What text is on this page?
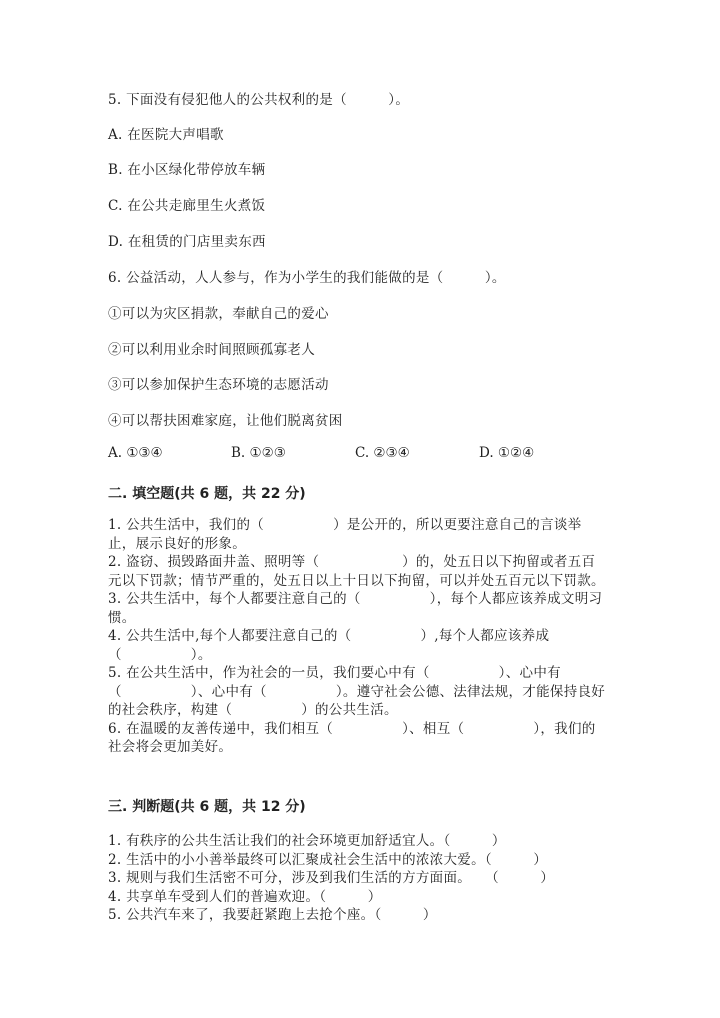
5. 下面没有侵犯他人的公共权利的是（　　　）。
A. 在医院大声唱歌
B. 在小区绿化带停放车辆
C. 在公共走廊里生火煮饭
D. 在租赁的门店里卖东西
6. 公益活动，人人参与，作为小学生的我们能做的是（　　　）。
①可以为灾区捐款，奉献自己的爱心
②可以利用业余时间照顾孤寡老人
③可以参加保护生态环境的志愿活动
④可以帮扶困难家庭，让他们脱离贫困
A. ①③④	B. ①②③	C. ②③④	D. ①②④
二. 填空题(共 6 题，共 22 分)

1. 公共生活中，我们的（　　　　　）是公开的，所以更要注意自己的言谈举止，展示良好的形象。

2. 盗窃、损毁路面井盖、照明等（　　　　　　）的，处五日以下拘留或者五百元以下罚款；情节严重的，处五日以上十日以下拘留，可以并处五百元以下罚款。

3. 公共生活中，每个人都要注意自己的（　　　　　），每个人都应该养成文明习惯。

4. 公共生活中,每个人都要注意自己的（　　　　　）,每个人都应该养成（　　　　　）。

5. 在公共生活中，作为社会的一员，我们要心中有（　　　　　）、心中有（　　　　　）、心中有（　　　　　）。遵守社会公德、法律法规，才能保持良好的社会秩序，构建（　　　　　）的公共生活。

6. 在温暖的友善传递中，我们相互（　　　　　）、相互（　　　　　），我们的社会将会更加美好。

三. 判断题(共 6 题，共 12 分)

1. 有秩序的公共生活让我们的社会环境更加舒适宜人。（　　　）

2. 生活中的小小善举最终可以汇聚成社会生活中的浓浓大爱。（　　　）

3. 规则与我们生活密不可分，涉及到我们生活的方方面面。　　（　　　）

4. 共享单车受到人们的普遍欢迎。（　　　）

5. 公共汽车来了，我要赶紧跑上去抢个座。（　　　）
